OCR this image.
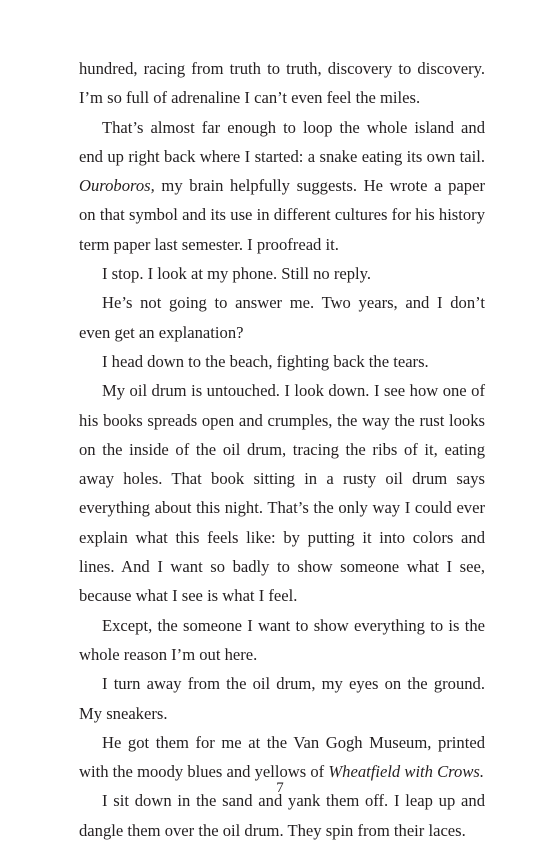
hundred, racing from truth to truth, discovery to discovery. I’m so full of adrenaline I can’t even feel the miles.

That’s almost far enough to loop the whole island and end up right back where I started: a snake eating its own tail. Ouroboros, my brain helpfully suggests. He wrote a paper on that symbol and its use in different cultures for his history term paper last semester. I proofread it.

I stop. I look at my phone. Still no reply.

He’s not going to answer me. Two years, and I don’t even get an explanation?

I head down to the beach, fighting back the tears.

My oil drum is untouched. I look down. I see how one of his books spreads open and crumples, the way the rust looks on the inside of the oil drum, tracing the ribs of it, eating away holes. That book sitting in a rusty oil drum says everything about this night. That’s the only way I could ever explain what this feels like: by putting it into colors and lines. And I want so badly to show someone what I see, because what I see is what I feel.

Except, the someone I want to show everything to is the whole reason I’m out here.

I turn away from the oil drum, my eyes on the ground. My sneakers.

He got them for me at the Van Gogh Museum, printed with the moody blues and yellows of Wheatfield with Crows.

I sit down in the sand and yank them off. I leap up and dangle them over the oil drum. They spin from their laces.

7
